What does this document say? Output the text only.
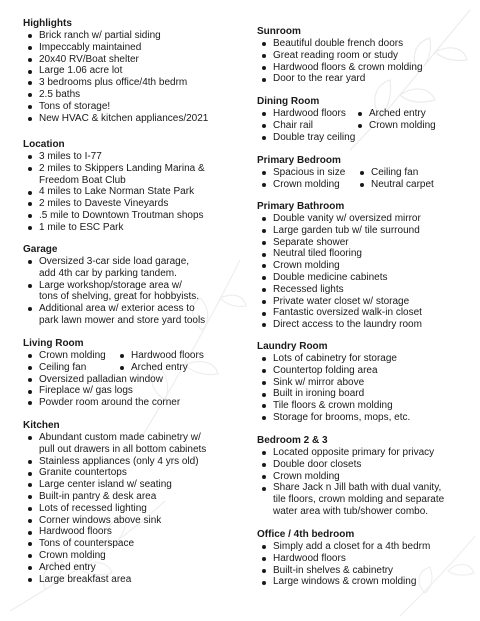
Highlights
Brick ranch w/ partial siding
Impeccably maintained
20x40 RV/Boat shelter
Large 1.06 acre lot
3 bedrooms plus office/4th bedrm
2.5 baths
Tons of storage!
New HVAC & kitchen appliances/2021
Location
3 miles to I-77
2 miles to Skippers Landing Marina &
Freedom Boat Club
4 miles to Lake Norman State Park
2 miles to Daveste Vineyards
.5 mile to Downtown Troutman shops
1 mile to ESC Park
Garage
Oversized 3-car side load garage,
add 4th car by parking tandem.
Large workshop/storage area w/
tons of shelving, great for hobbyists.
Additional area w/ exterior acess to
park lawn mower and store yard tools
Living Room
Crown molding
Ceiling fan
Hardwood floors
Arched entry
Oversized palladian window
Fireplace w/ gas logs
Powder room around the corner
Kitchen
Abundant custom made cabinetry w/
pull out drawers in all bottom cabinets
Stainless appliances (only 4 yrs old)
Granite countertops
Large center island w/ seating
Built-in pantry & desk area
Lots of recessed lighting
Corner windows above sink
Hardwood floors
Tons of counterspace
Crown molding
Arched entry
Large breakfast area
Sunroom
Beautiful double french doors
Great reading room or study
Hardwood floors & crown molding
Door to the rear yard
Dining Room
Hardwood floors
Chair rail
Double tray ceiling
Arched entry
Crown molding
Primary Bedroom
Spacious in size
Crown molding
Ceiling fan
Neutral carpet
Primary Bathroom
Double vanity w/ oversized mirror
Large garden tub w/ tile surround
Separate shower
Neutral tiled flooring
Crown molding
Double medicine cabinets
Recessed lights
Private water closet w/ storage
Fantastic oversized walk-in closet
Direct access to the laundry room
Laundry Room
Lots of cabinetry for storage
Countertop folding area
Sink w/ mirror above
Built in ironing board
Tile floors & crown molding
Storage for brooms, mops, etc.
Bedroom 2 & 3
Located opposite primary for privacy
Double door closets
Crown molding
Share Jack n Jill bath with dual vanity,
tile floors, crown molding and separate
water area with tub/shower combo.
Office / 4th bedroom
Simply add a closet for a 4th bedrm
Hardwood floors
Built-in shelves & cabinetry
Large windows & crown molding
